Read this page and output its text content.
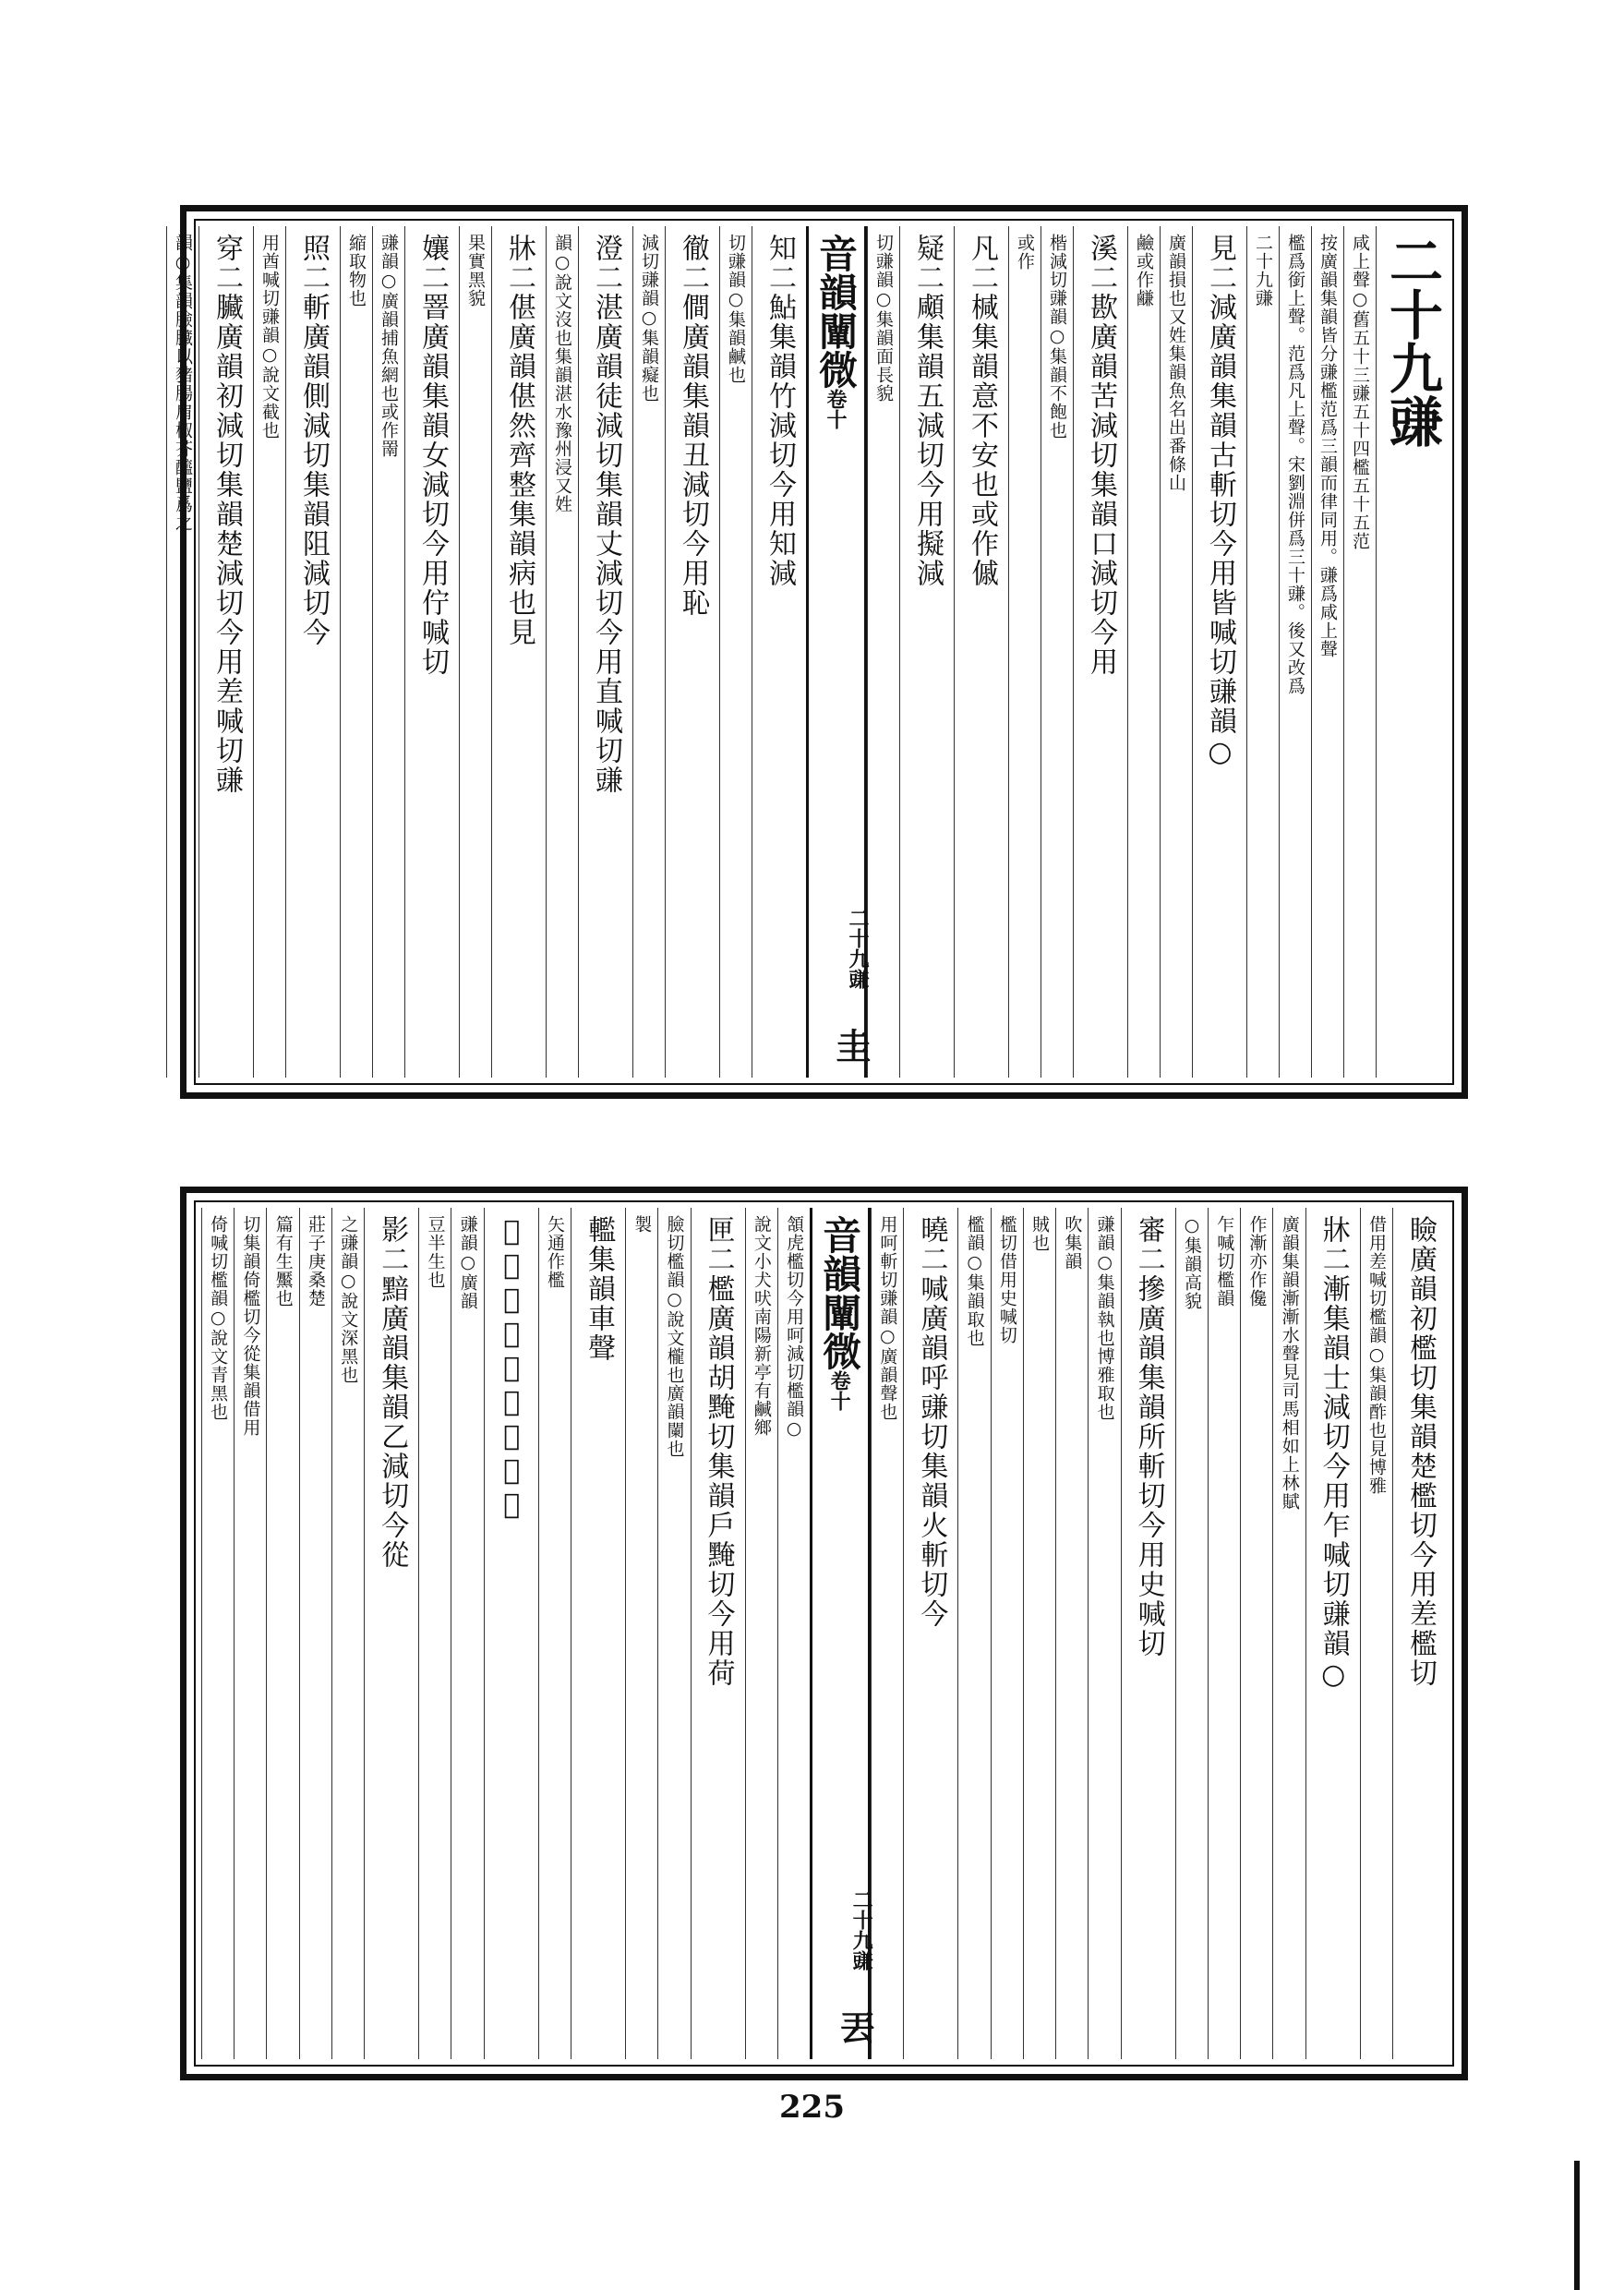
二十九豏
咸上聲○舊五十三豏五十四檻五十五范
按廣韻集韻皆分豏檻范爲三韻而律同用。豏爲咸上聲
檻爲銜上聲。范爲凡上聲。宋劉淵併爲三十豏。後又改爲
二十九豏
見二減廣韻集韻古斬切今用皆喊切豏韻○
廣韻損也又姓集韻魚名出番條山
鹼或作鹻
溪二歁廣韻苦減切集韻口減切今用
楷減切豏韻○集韻不飽也
或作
凡二椷集韻意不安也或作傶
疑二顑集韻五減切今用擬減
切豏韻○集韻面長貌
音韻闡微卷十
二十九豏
圭
知二鮎集韻竹減切今用知減
切豏韻○集韻鹹也
徹二僴廣韻集韻丑減切今用恥
減切豏韻○集韻癡也
澄二湛廣韻徒減切集韻丈減切今用直喊切豏
韻○說文沒也集韻湛水豫州浸又姓
牀二偡廣韻偡然齊整集韻病也見
果實黑貌
孃二罯廣韻集韻女減切今用佇喊切
豏韻○廣韻捕魚網也或作罱
縮取物也
照二斬廣韻側減切集韻阻減切今
用酋喊切豏韻○說文截也
穿二臟廣韻初減切集韻楚減切今用差喊切豏
韻○集韻臉臟以豬腸肩椒芥醯鹽爲之
瞼廣韻初檻切集韻楚檻切今用差檻切
借用差喊切檻韻○集韻酢也見博雅
牀二漸集韻士減切今用乍喊切豏韻○
廣韻集韻漸漸水聲見司馬相如上林賦
作漸亦作儳
乍喊切檻韻
○集韻高貌
審二摻廣韻集韻所斬切今用史喊切
豏韻○集韻執也博雅取也
吹集韻
賊也
檻切借用史喊切
檻韻○集韻取也
曉二喊廣韻呼豏切集韻火斬切今
用呵斬切豏韻○廣韻聲也
音韻闡微卷十
二十九豏
丟
頷虎檻切今用呵減切檻韻○
說文小犬吠南陽新亭有鹹鄉
匣二檻廣韻胡黤切集韻戶黤切今用荷
臉切檻韻○說文櫳也廣韻闌也
製
轞集韻車聲
矢通作檻
𥈦集韻陶器也或作鑑
豏韻○廣韻
豆半生也
影二黯廣韻集韻乙減切今從
之豏韻○說文深黑也
莊子庚桑楚
篇有生黶也
切集韻倚檻切今從集韻借用
倚喊切檻韻○說文青黑也
225
